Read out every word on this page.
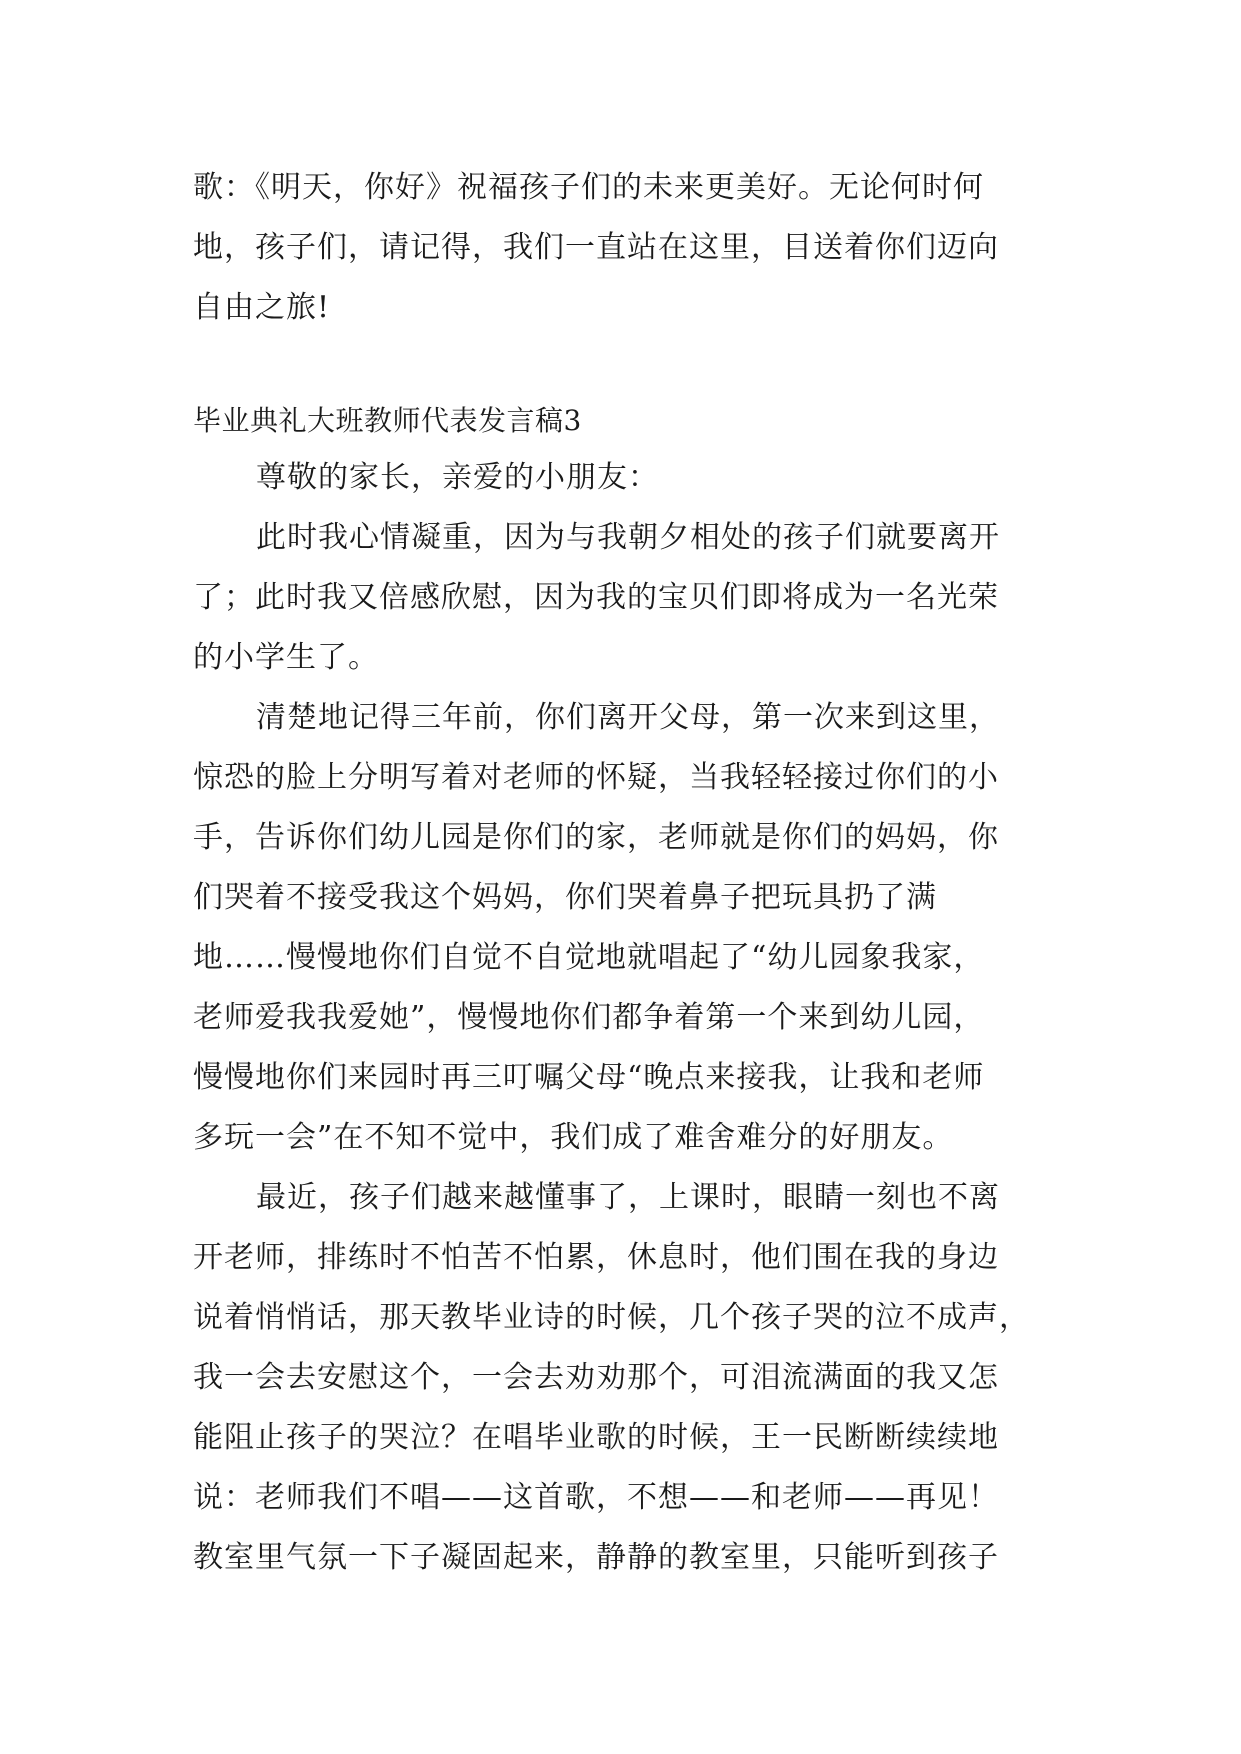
歌：《明天，你好》祝福孩子们的未来更美好。无论何时何
地，孩子们，请记得，我们一直站在这里，目送着你们迈向
自由之旅!
毕业典礼大班教师代表发言稿3
尊敬的家长，亲爱的小朋友：
此时我心情凝重，因为与我朝夕相处的孩子们就要离开
了；此时我又倍感欣慰，因为我的宝贝们即将成为一名光荣
的小学生了。
清楚地记得三年前，你们离开父母，第一次来到这里，
惊恐的脸上分明写着对老师的怀疑，当我轻轻接过你们的小
手，告诉你们幼儿园是你们的家，老师就是你们的妈妈，你
们哭着不接受我这个妈妈，你们哭着鼻子把玩具扔了满
地……慢慢地你们自觉不自觉地就唱起了“幼儿园象我家，
老师爱我我爱她”，慢慢地你们都争着第一个来到幼儿园，
慢慢地你们来园时再三叮嘱父母“晚点来接我，让我和老师
多玩一会”在不知不觉中，我们成了难舍难分的好朋友。
最近，孩子们越来越懂事了，上课时，眼睛一刻也不离
开老师，排练时不怕苦不怕累，休息时，他们围在我的身边
说着悄悄话，那天教毕业诗的时候，几个孩子哭的泣不成声，
我一会去安慰这个，一会去劝劝那个，可泪流满面的我又怎
能阻止孩子的哭泣？在唱毕业歌的时候，王一民断断续续地
说：老师我们不唱——这首歌，不想——和老师——再见！
教室里气氛一下子凝固起来，静静的教室里，只能听到孩子
